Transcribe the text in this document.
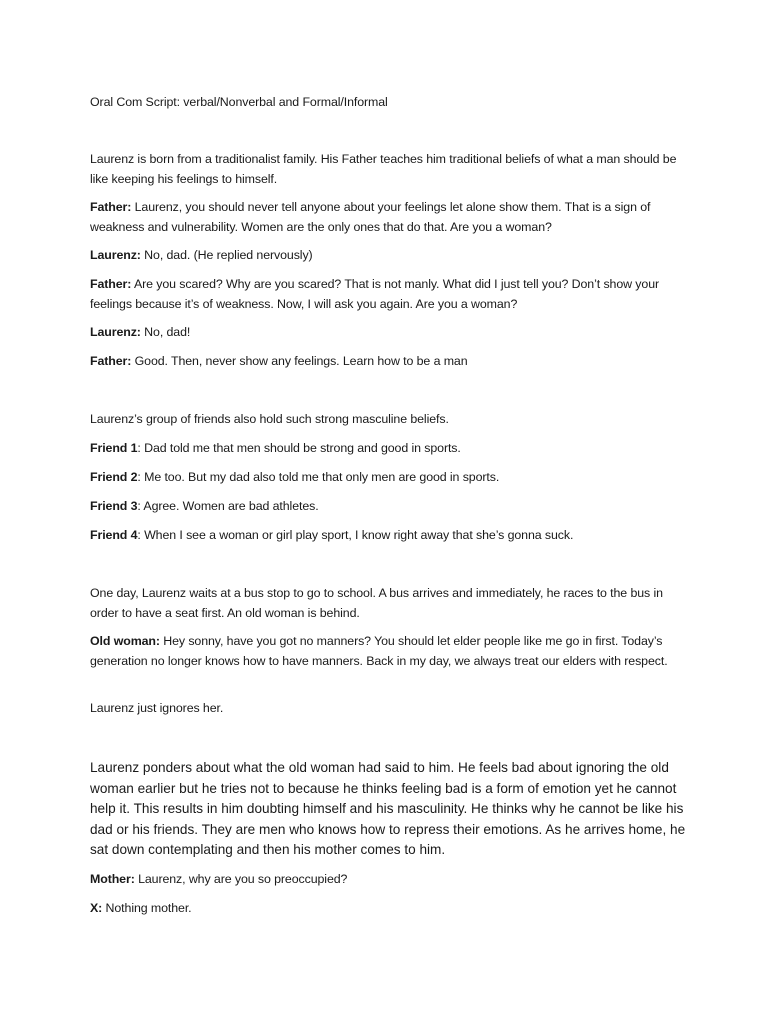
Oral Com Script: verbal/Nonverbal and Formal/Informal

Laurenz is born from a traditionalist family. His Father teaches him traditional beliefs of what a man should be like keeping his feelings to himself.

Father: Laurenz, you should never tell anyone about your feelings let alone show them. That is a sign of weakness and vulnerability. Women are the only ones that do that. Are you a woman?

Laurenz: No, dad. (He replied nervously)

Father: Are you scared? Why are you scared? That is not manly. What did I just tell you? Don’t show your feelings because it’s of weakness. Now, I will ask you again. Are you a woman?

Laurenz: No, dad!

Father: Good. Then, never show any feelings. Learn how to be a man

Laurenz’s group of friends also hold such strong masculine beliefs.

Friend 1: Dad told me that men should be strong and good in sports.

Friend 2: Me too. But my dad also told me that only men are good in sports.

Friend 3: Agree. Women are bad athletes.

Friend 4: When I see a woman or girl play sport, I know right away that she’s gonna suck.

One day, Laurenz waits at a bus stop to go to school. A bus arrives and immediately, he races to the bus in order to have a seat first. An old woman is behind.

Old woman: Hey sonny, have you got no manners? You should let elder people like me go in first. Today’s generation no longer knows how to have manners. Back in my day, we always treat our elders with respect.

Laurenz just ignores her.

Laurenz ponders about what the old woman had said to him. He feels bad about ignoring the old woman earlier but he tries not to because he thinks feeling bad is a form of emotion yet he cannot help it. This results in him doubting himself and his masculinity. He thinks why he cannot be like his dad or his friends. They are men who knows how to repress their emotions. As he arrives home, he sat down contemplating and then his mother comes to him.

Mother: Laurenz, why are you so preoccupied?

X: Nothing mother.
